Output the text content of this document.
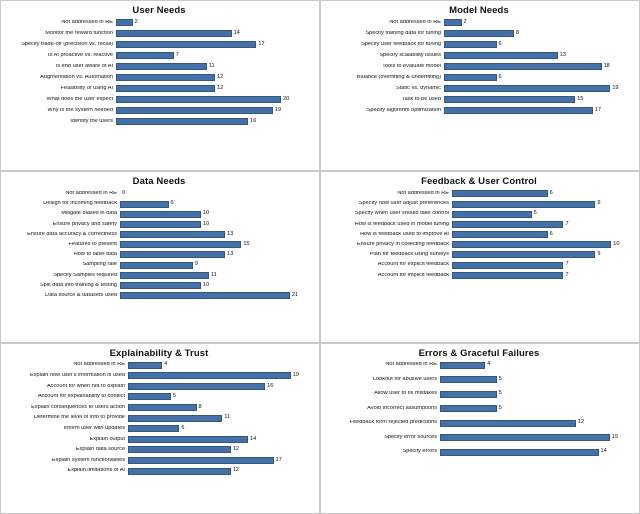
User Needs
Not addressed in RE	2
Monitor the reward function	14
Specify trade-off (precision vs. recall)	17
Is AI proactive vs. reactive	7
Is end user aware of AI	11
Augmentation vs. Automation	12
Feasibility of using AI	12
What does the user expect	20
Why is the system needed	19
Identify the users	16
Model Needs
Not addressed in RE	2
Specify training data for tuning	8
Specify user feedback for tuning	6
Specify scalability issues	13
Tools to evaluate model	18
Balance (overfitting & underfitting)	6
Static vs. dynamic	19
Task to be used	15
Specify algorithm optimization	17
Data Needs
Not addressed in RE 0
Design for incoming feedback	6
Mitigate biases in data	10
Ensure privacy and safety	10
Ensure data accuracy & correctness	13
Features to present	15
How to label data	13
Sampling rate	9
Specify Samples required	11
Split data into training & testing	10
Data source & datasets used	21
Feedback & User Control
Not addressed in RE	6
Specify how user adjust preferences	9
Specify when user should take control	5
How is feedback used in model tuning	7
How is feedback used to improve AI	6
Ensure privacy in collecting feedback	10
Plan for feedback using surveys	9
Account for explicit feedback	7
Account for implicit feedback	7
Explainability & Trust
Not addressed in RE	4
Explain how user's information is used	19
Account for when not to explain	16
Account for explainability to conflict	5
Explain consequences to users action	8
Determine the level of info to provide	11
Inform user with updates	6
Explain output	14
Explain data source	12
Explain system functionalities	17
Explain limitations of AI	12
Errors & Graceful Failures
Not addressed in RE	4
Lookout for abusive users	5
Allow user to fix mistakes	5
Avoid incorrect assumptions	5
Feedback form rejected predictions	12
Specify error sources	15
Specify errors	14
